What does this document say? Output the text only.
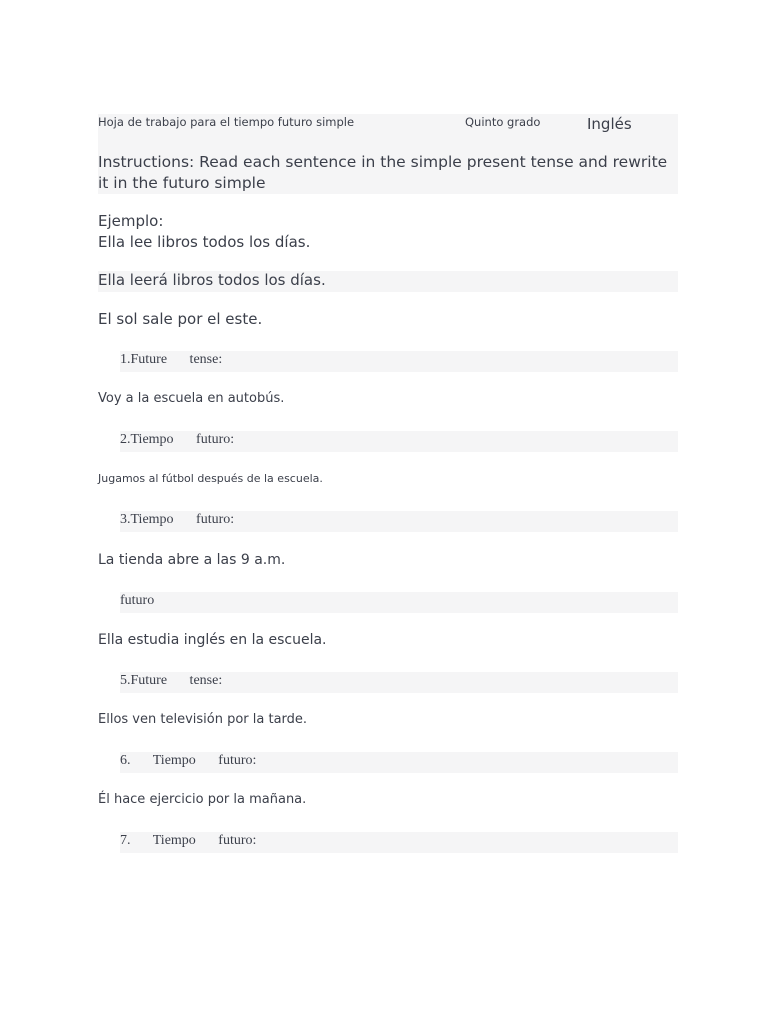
Hoja de trabajo para el tiempo futuro simple	Quinto grado	Inglés
Instructions: Read each sentence in the simple present tense and rewrite it in the futuro simple
Ejemplo:
Ella lee libros todos los días.
Ella leerá libros todos los días.
El sol sale por el este.
1.Future   tense:
Voy a la escuela en autobús.
2.Tiempo   futuro:
Jugamos al fútbol después de la escuela.
3.Tiempo   futuro:
La tienda abre a las 9 a.m.
futuro
Ella estudia inglés en la escuela.
5.Future   tense:
Ellos ven televisión por la tarde.
6.   Tiempo   futuro:
Él hace ejercicio por la mañana.
7.   Tiempo   futuro:
